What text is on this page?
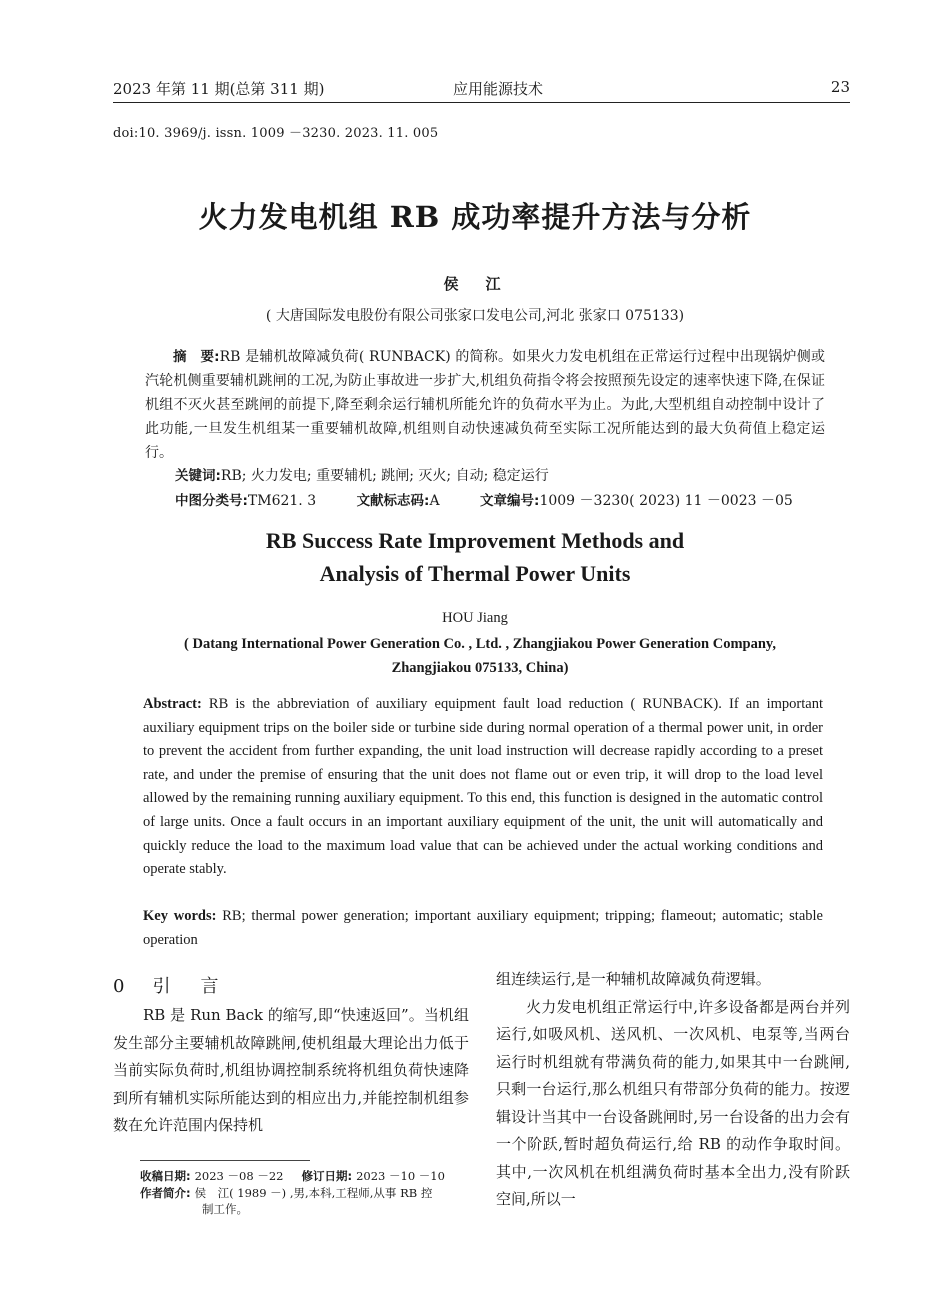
2023 年第 11 期(总第 311 期)	应用能源技术	23
doi:10. 3969/j. issn. 1009 －3230. 2023. 11. 005
火力发电机组 RB 成功率提升方法与分析
侯　江
( 大唐国际发电股份有限公司张家口发电公司,河北 张家口 075133)
摘　要:RB 是辅机故障减负荷( RUNBACK) 的简称。如果火力发电机组在正常运行过程中出现锅炉侧或汽轮机侧重要辅机跳闸的工况,为防止事故进一步扩大,机组负荷指令将会按照预先设定的速率快速下降,在保证机组不灭火甚至跳闸的前提下,降至剩余运行辅机所能允许的负荷水平为止。为此,大型机组自动控制中设计了此功能,一旦发生机组某一重要辅机故障,机组则自动快速减负荷至实际工况所能达到的最大负荷值上稳定运行。
关键词:RB; 火力发电; 重要辅机; 跳闸; 灭火; 自动; 稳定运行
中图分类号:TM621. 3	文献标志码:A	文章编号:1009 －3230( 2023) 11 －0023 －05
RB Success Rate Improvement Methods and
Analysis of Thermal Power Units
HOU Jiang
( Datang International Power Generation Co. , Ltd. , Zhangjiakou Power Generation Company,
Zhangjiakou 075133, China)
Abstract: RB is the abbreviation of auxiliary equipment fault load reduction ( RUNBACK). If an important auxiliary equipment trips on the boiler side or turbine side during normal operation of a thermal power unit, in order to prevent the accident from further expanding, the unit load instruction will decrease rapidly according to a preset rate, and under the premise of ensuring that the unit does not flame out or even trip, it will drop to the load level allowed by the remaining running auxiliary equipment. To this end, this function is designed in the automatic control of large units. Once a fault occurs in an important auxiliary equipment of the unit, the unit will automatically and quickly reduce the load to the maximum load value that can be achieved under the actual working conditions and operate stably.
Key words: RB; thermal power generation; important auxiliary equipment; tripping; flameout; automatic; stable operation
0 引 言
RB 是 Run Back 的缩写,即“快速返回”。当机组发生部分主要辅机故障跳闸,使机组最大理论出力低于当前实际负荷时,机组协调控制系统将机组负荷快速降到所有辅机实际所能达到的相应出力,并能控制机组参数在允许范围内保持机
组连续运行,是一种辅机故障减负荷逻辑。
火力发电机组正常运行中,许多设备都是两台并列运行,如吸风机、送风机、一次风机、电泵等,当两台运行时机组就有带满负荷的能力,如果其中一台跳闸,只剩一台运行,那么机组只有带部分负荷的能力。按逻辑设计当其中一台设备跳闸时,另一台设备的出力会有一个阶跃,暂时超负荷运行,给 RB 的动作争取时间。其中,一次风机在机组满负荷时基本全出力,没有阶跃空间,所以一
收稿日期: 2023 －08 －22 修订日期: 2023 －10 －10
作者简介: 侯　江( 1989 －) ,男,本科,工程师,从事 RB 控
制工作。
